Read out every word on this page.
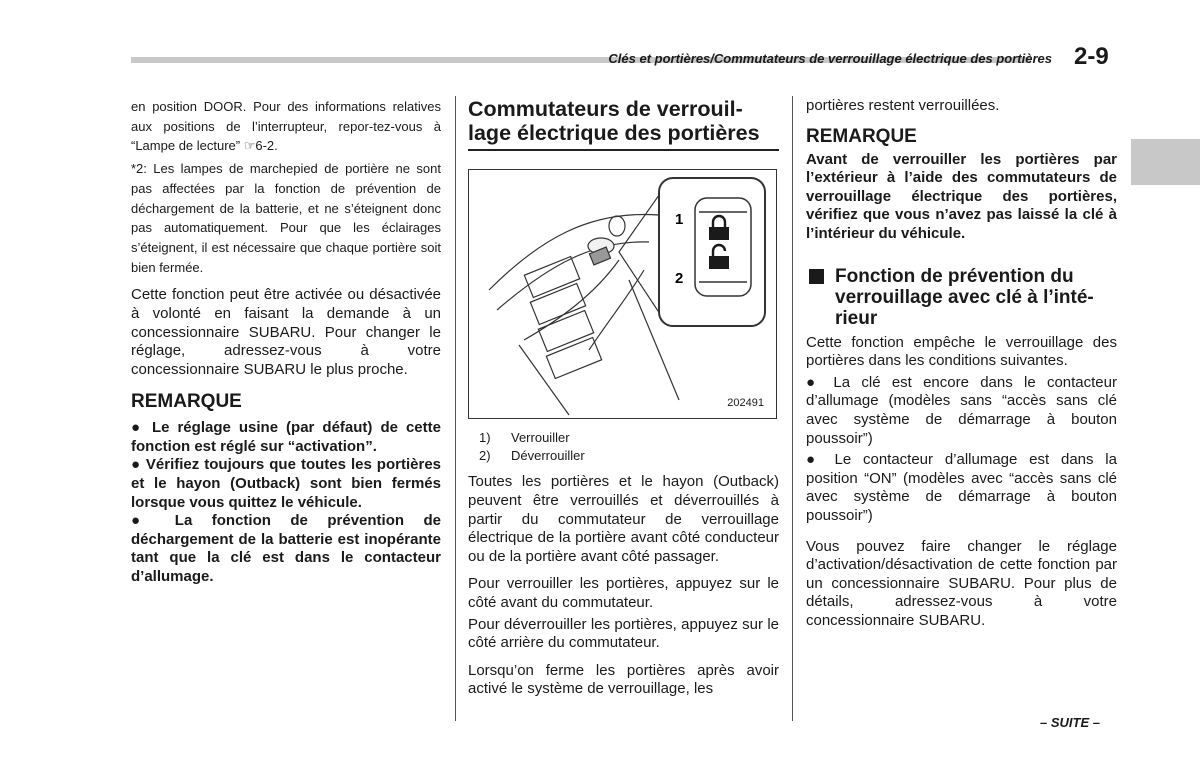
Clés et portières/Commutateurs de verrouillage électrique des portières 2-9

en position DOOR. Pour des informations relatives aux positions de l’interrupteur, repor-tez-vous à “Lampe de lecture” ☞6-2.

*2: Les lampes de marchepied de portière ne sont pas affectées par la fonction de prévention de déchargement de la batterie, et ne s’éteignent donc pas automatiquement. Pour que les éclairages s’éteignent, il est nécessaire que chaque portière soit bien fermée.

Cette fonction peut être activée ou désactivée à volonté en faisant la demande à un concessionnaire SUBARU. Pour changer le réglage, adressez-vous à votre concessionnaire SUBARU le plus proche.

REMARQUE

● Le réglage usine (par défaut) de cette fonction est réglé sur “activation”.

● Vérifiez toujours que toutes les portières et le hayon (Outback) sont bien fermés lorsque vous quittez le véhicule.

● La fonction de prévention de déchargement de la batterie est inopérante tant que la clé est dans le contacteur d’allumage.

Commutateurs de verrouil-lage électrique des portières
1
2
202491
1)	Verrouiller
2)	Déverrouiller

Toutes les portières et le hayon (Outback) peuvent être verrouillés et déverrouillés à partir du commutateur de verrouillage électrique de la portière avant côté conducteur ou de la portière avant côté passager.

Pour verrouiller les portières, appuyez sur le côté avant du commutateur.

Pour déverrouiller les portières, appuyez sur le côté arrière du commutateur.

Lorsqu’on ferme les portières après avoir activé le système de verrouillage, les

portières restent verrouillées.

REMARQUE

Avant de verrouiller les portières par l’extérieur à l’aide des commutateurs de verrouillage électrique des portières, vérifiez que vous n’avez pas laissé la clé à l’intérieur du véhicule.

Fonction de prévention du verrouillage avec clé à l’inté-rieur

Cette fonction empêche le verrouillage des portières dans les conditions suivantes.

● La clé est encore dans le contacteur d’allumage (modèles sans “accès sans clé avec système de démarrage à bouton poussoir”)

● Le contacteur d’allumage est dans la position “ON” (modèles avec “accès sans clé avec système de démarrage à bouton poussoir”)

Vous pouvez faire changer le réglage d’activation/désactivation de cette fonction par un concessionnaire SUBARU. Pour plus de détails, adressez-vous à votre concessionnaire SUBARU.

– SUITE –
